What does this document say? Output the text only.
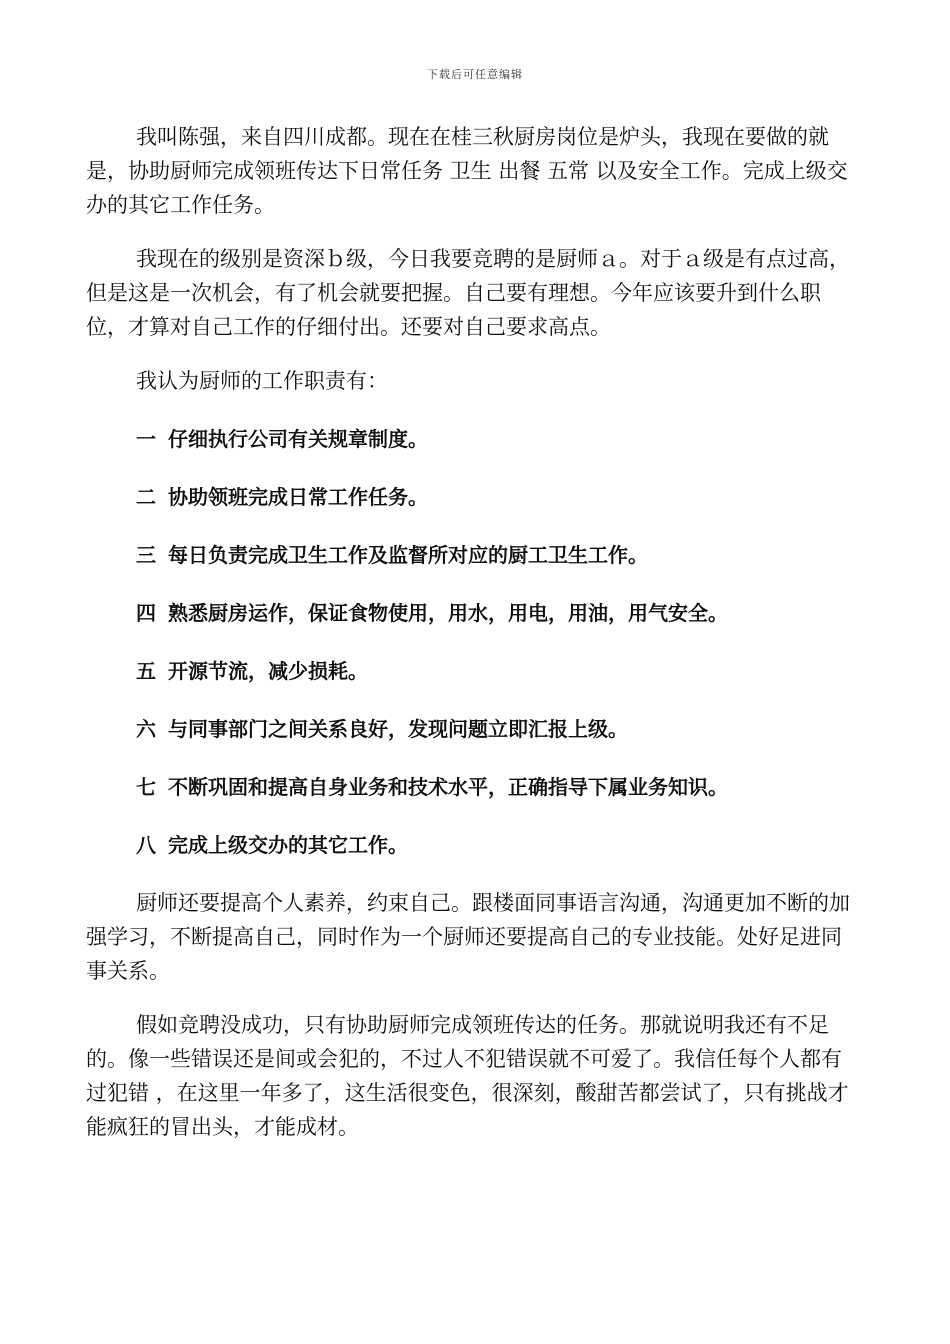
下载后可任意编辑

我叫陈强，来自四川成都。现在在桂三秋厨房岗位是炉头，我现在要做的就是，协助厨师完成领班传达下日常任务 卫生 出餐 五常 以及安全工作。完成上级交办的其它工作任务。

我现在的级别是资深ｂ级，今日我要竞聘的是厨师ａ。对于ａ级是有点过高，但是这是一次机会，有了机会就要把握。自己要有理想。今年应该要升到什么职位，才算对自己工作的仔细付出。还要对自己要求高点。

我认为厨师的工作职责有：

一 仔细执行公司有关规章制度。
二 协助领班完成日常工作任务。
三 每日负责完成卫生工作及监督所对应的厨工卫生工作。
四 熟悉厨房运作，保证食物使用，用水，用电，用油，用气安全。
五 开源节流，减少损耗。
六 与同事部门之间关系良好，发现问题立即汇报上级。
七 不断巩固和提高自身业务和技术水平，正确指导下属业务知识。
八 完成上级交办的其它工作。

厨师还要提高个人素养，约束自己。跟楼面同事语言沟通，沟通更加不断的加强学习，不断提高自己，同时作为一个厨师还要提高自己的专业技能。处好足进同事关系。

假如竞聘没成功，只有协助厨师完成领班传达的任务。那就说明我还有不足的。像一些错误还是间或会犯的，不过人不犯错误就不可爱了。我信任每个人都有过犯错 ，在这里一年多了，这生活很变色，很深刻，酸甜苦都尝试了，只有挑战才能疯狂的冒出头，才能成材。
